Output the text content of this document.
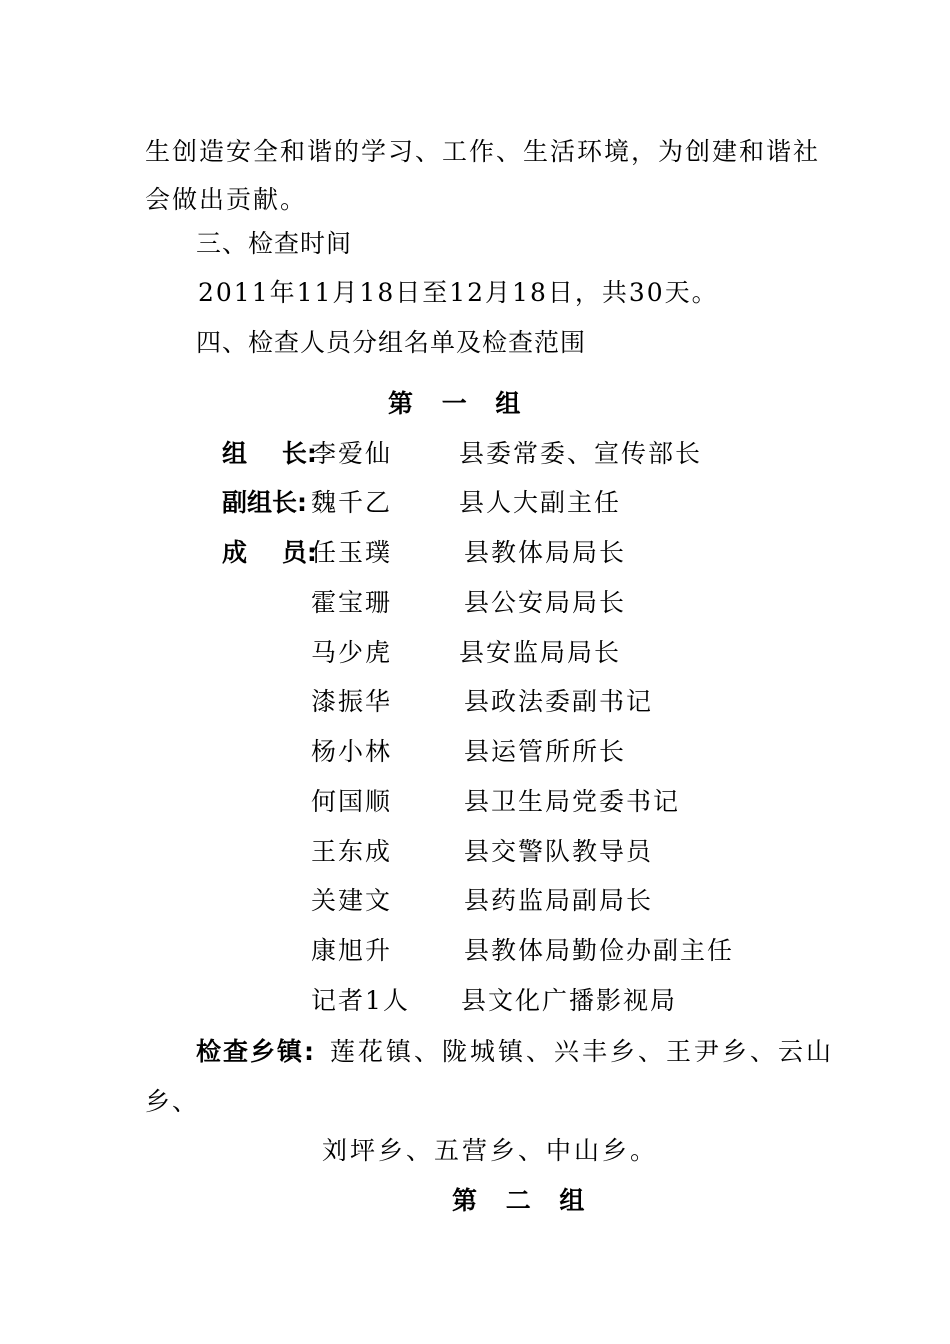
生创造安全和谐的学习、工作、生活环境，为创建和谐社
会做出贡献。
三、检查时间
2011年11月18日至12月18日，共30天。
四、检查人员分组名单及检查范围
第 一 组
组    长:
李爱仙	县委常委、宣传部长
副组长: 魏千乙	县人大副主任
成    员:
任玉璞	县教体局局长
霍宝珊	县公安局局长
马少虎	县安监局局长
漆振华	县政法委副书记
杨小林	县运管所所长
何国顺	县卫生局党委书记
王东成	县交警队教导员
关建文	县药监局副局长
康旭升	县教体局勤俭办副主任
记者1人 县文化广播影视局
检查乡镇: 莲花镇、陇城镇、兴丰乡、王尹乡、云山
乡、
刘坪乡、五营乡、中山乡。
第 二 组
